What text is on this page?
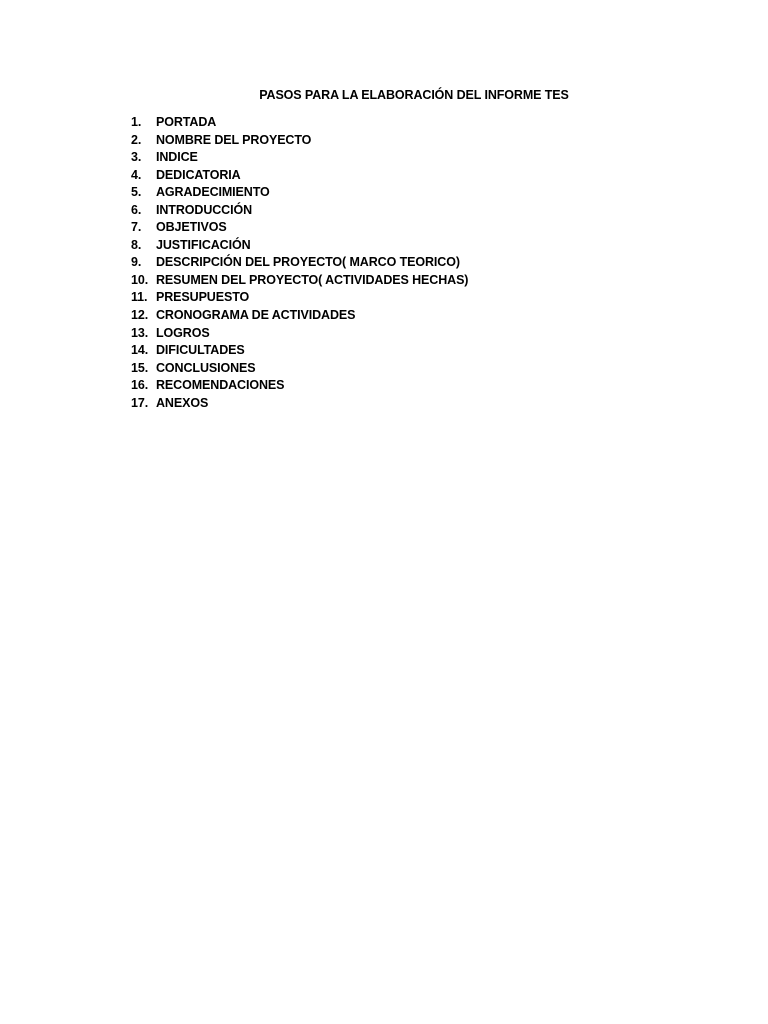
PASOS PARA LA ELABORACIÓN DEL INFORME TES
1.	PORTADA
2.	NOMBRE DEL PROYECTO
3.	INDICE
4.	DEDICATORIA
5.	AGRADECIMIENTO
6.	INTRODUCCIÓN
7.	OBJETIVOS
8.	JUSTIFICACIÓN
9.	DESCRIPCIÓN DEL PROYECTO( MARCO TEORICO)
10. RESUMEN DEL PROYECTO( ACTIVIDADES HECHAS)
11. PRESUPUESTO
12. CRONOGRAMA DE ACTIVIDADES
13. LOGROS
14. DIFICULTADES
15. CONCLUSIONES
16. RECOMENDACIONES
17. ANEXOS
